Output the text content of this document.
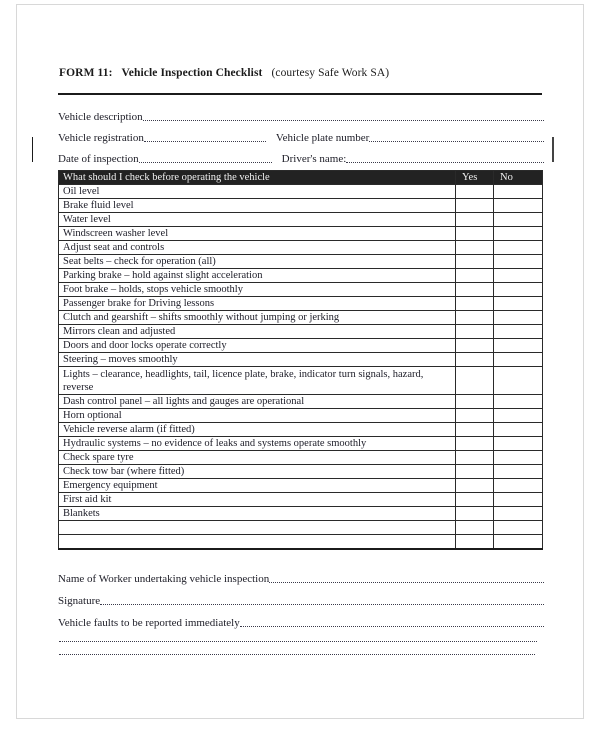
FORM 11: Vehicle Inspection Checklist (courtesy Safe Work SA)
Vehicle description
Vehicle registration	Vehicle plate number
Date of inspection	Driver's name:
What should I check before operating the vehicle	Yes	No
Oil level		
Brake fluid level		
Water level		
Windscreen washer level		
Adjust seat and controls		
Seat belts – check for operation (all)		
Parking brake – hold against slight acceleration		
Foot brake – holds, stops vehicle smoothly		
Passenger brake for Driving lessons		
Clutch and gearshift – shifts smoothly without jumping or jerking		
Mirrors clean and adjusted		
Doors and door locks operate correctly		
Steering – moves smoothly		
Lights – clearance, headlights, tail, licence plate, brake, indicator turn signals, hazard, reverse		
Dash control panel – all lights and gauges are operational		
Horn optional		
Vehicle reverse alarm (if fitted)		
Hydraulic systems – no evidence of leaks and systems operate smoothly		
Check spare tyre		
Check tow bar (where fitted)		
Emergency equipment		
First aid kit		
Blankets		

Name of Worker undertaking vehicle inspection
Signature
Vehicle faults to be reported immediately
